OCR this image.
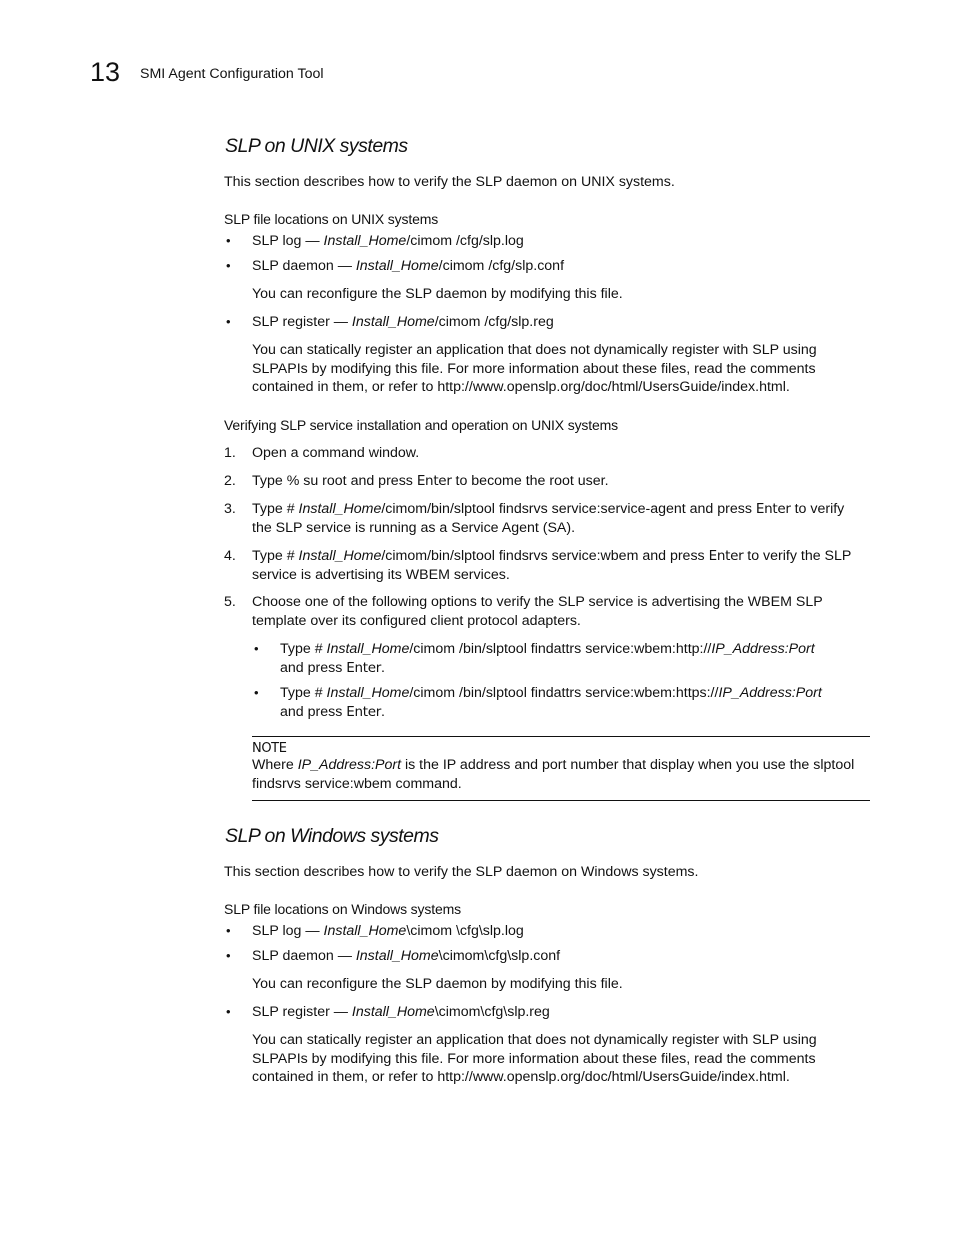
13 SMI Agent Configuration Tool
SLP on UNIX systems
This section describes how to verify the SLP daemon on UNIX systems.
SLP file locations on UNIX systems
• SLP log — Install_Home/cimom /cfg/slp.log
• SLP daemon — Install_Home/cimom /cfg/slp.conf
You can reconfigure the SLP daemon by modifying this file.
• SLP register — Install_Home/cimom /cfg/slp.reg
You can statically register an application that does not dynamically register with SLP using SLPAPIs by modifying this file. For more information about these files, read the comments contained in them, or refer to http://www.openslp.org/doc/html/UsersGuide/index.html.
Verifying SLP service installation and operation on UNIX systems
1. Open a command window.
2. Type % su root and press Enter to become the root user.
3. Type # Install_Home/cimom/bin/slptool findsrvs service:service-agent and press Enter to verify the SLP service is running as a Service Agent (SA).
4. Type # Install_Home/cimom/bin/slptool findsrvs service:wbem and press Enter to verify the SLP service is advertising its WBEM services.
5. Choose one of the following options to verify the SLP service is advertising the WBEM SLP template over its configured client protocol adapters.
• Type # Install_Home/cimom /bin/slptool findattrs service:wbem:http://IP_Address:Port
and press Enter.
• Type # Install_Home/cimom /bin/slptool findattrs service:wbem:https://IP_Address:Port
and press Enter.
NOTE
Where IP_Address:Port is the IP address and port number that display when you use the slptool findsrvs service:wbem command.
SLP on Windows systems
This section describes how to verify the SLP daemon on Windows systems.
SLP file locations on Windows systems
• SLP log — Install_Home\cimom \cfg\slp.log
• SLP daemon — Install_Home\cimom\cfg\slp.conf
You can reconfigure the SLP daemon by modifying this file.
• SLP register — Install_Home\cimom\cfg\slp.reg
You can statically register an application that does not dynamically register with SLP using SLPAPIs by modifying this file. For more information about these files, read the comments contained in them, or refer to http://www.openslp.org/doc/html/UsersGuide/index.html.
